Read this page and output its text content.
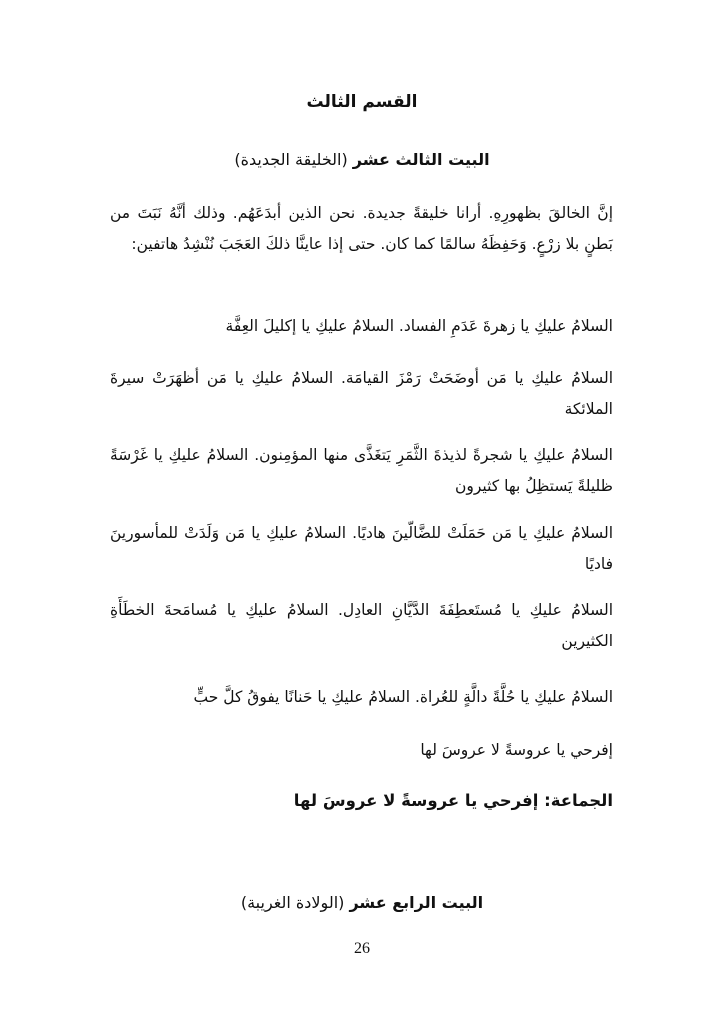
القسم الثالث
البيت الثالث عشر (الخليقة الجديدة)
إنَّ الخالقَ بظهورِهِ. أرانا خليقةً جديدة. نحن الذين أبدَعَهُم. وذلك أنَّهُ نَبَتَ من بَطنٍ بلا زرْعٍ. وَحَفِظَهُ سالمًا كما كان. حتى إذا عاينَّا ذلكَ العَجَبَ نُنْشِدُ هاتفين:
السلامُ عليكِ يا زهرةَ عَدَمِ الفساد. السلامُ عليكِ يا إكليلَ العِفَّة
السلامُ عليكِ يا مَن أوضَحَتْ رَمْزَ القيامَة. السلامُ عليكِ يا مَن أظهَرَتْ سيرةَ الملائكة
السلامُ عليكِ يا شجرةً لذيذةَ الثَّمَرِ يَتغَذَّى منها المؤمِنون. السلامُ عليكِ يا غَرْسَةً ظليلةً يَستظِلُ بها كثيرون
السلامُ عليكِ يا مَن حَمَلَتْ للضَّالّينَ هاديًا. السلامُ عليكِ يا مَن وَلَدَتْ للمأسورينَ فاديًا
السلامُ عليكِ يا مُستَعطِفَةَ الدَّيَّانِ العادِل. السلامُ عليكِ يا مُسامَحةَ الخطَأَةِ الكثيرين
السلامُ عليكِ يا حُلَّةً دالَّةٍ للعُراة. السلامُ عليكِ يا حَنانًا يفوقُ كلَّ حبٍّ
إفرحي يا عروسةً لا عروسَ لها
الجماعة: إفرحي يا عروسةً لا عروسَ لها
البيت الرابع عشر (الولادة الغريبة)
26
